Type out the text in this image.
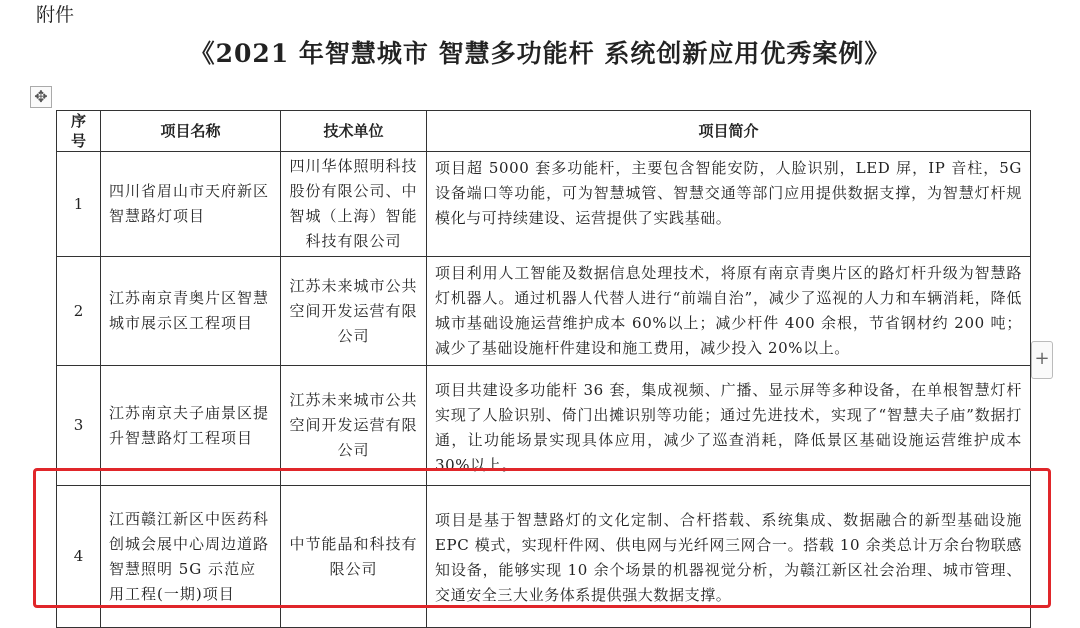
附件
《2021 年智慧城市 智慧多功能杆 系统创新应用优秀案例》
✥
+
序号	项目名称	技术单位	项目简介
1	四川省眉山市天府新区智慧路灯项目	四川华体照明科技股份有限公司、中智城（上海）智能科技有限公司	项目超 5000 套多功能杆，主要包含智能安防，人脸识别，LED 屏，IP 音柱，5G 设备端口等功能，可为智慧城管、智慧交通等部门应用提供数据支撑，为智慧灯杆规模化与可持续建设、运营提供了实践基础。
2	江苏南京青奥片区智慧城市展示区工程项目	江苏未来城市公共空间开发运营有限公司	项目利用人工智能及数据信息处理技术，将原有南京青奥片区的路灯杆升级为智慧路灯机器人。通过机器人代替人进行“前端自治”，减少了巡视的人力和车辆消耗，降低城市基础设施运营维护成本 60%以上；减少杆件 400 余根，节省钢材约 200 吨；减少了基础设施杆件建设和施工费用，减少投入 20%以上。
3	江苏南京夫子庙景区提升智慧路灯工程项目	江苏未来城市公共空间开发运营有限公司	项目共建设多功能杆 36 套，集成视频、广播、显示屏等多种设备，在单根智慧灯杆实现了人脸识别、倚门出摊识别等功能；通过先进技术，实现了“智慧夫子庙”数据打通，让功能场景实现具体应用，减少了巡查消耗，降低景区基础设施运营维护成本 30%以上。
4	江西赣江新区中医药科创城会展中心周边道路智慧照明 5G 示范应用工程(一期)项目	中节能晶和科技有限公司	项目是基于智慧路灯的文化定制、合杆搭载、系统集成、数据融合的新型基础设施 EPC 模式，实现杆件网、供电网与光纤网三网合一。搭载 10 余类总计万余台物联感知设备，能够实现 10 余个场景的机器视觉分析，为赣江新区社会治理、城市管理、交通安全三大业务体系提供强大数据支撑。
